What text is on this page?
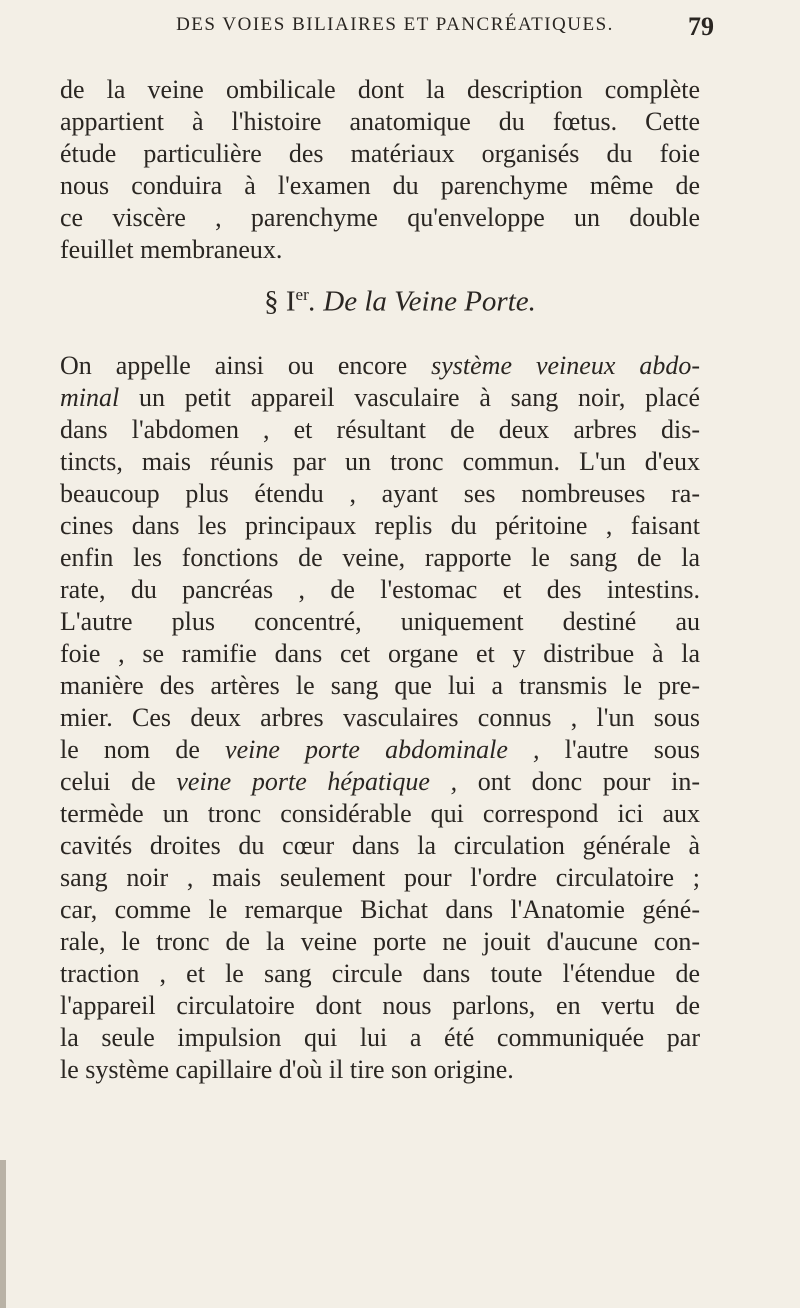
DES VOIES BILIAIRES ET PANCRÉATIQUES.	79
de la veine ombilicale dont la description complète
appartient à l'histoire anatomique du fœtus. Cette
étude particulière des matériaux organisés du foie
nous conduira à l'examen du parenchyme même de
ce viscère , parenchyme qu'enveloppe un double
feuillet membraneux.
§ Ier. De la Veine Porte.
On appelle ainsi ou encore système veineux abdo-
minal un petit appareil vasculaire à sang noir, placé
dans l'abdomen , et résultant de deux arbres dis-
tincts, mais réunis par un tronc commun. L'un d'eux
beaucoup plus étendu , ayant ses nombreuses ra-
cines dans les principaux replis du péritoine , faisant
enfin les fonctions de veine, rapporte le sang de la
rate, du pancréas , de l'estomac et des intestins.
L'autre plus concentré, uniquement destiné au
foie , se ramifie dans cet organe et y distribue à la
manière des artères le sang que lui a transmis le pre-
mier. Ces deux arbres vasculaires connus , l'un sous
le nom de veine porte abdominale , l'autre sous
celui de veine porte hépatique , ont donc pour in-
termède un tronc considérable qui correspond ici aux
cavités droites du cœur dans la circulation générale à
sang noir , mais seulement pour l'ordre circulatoire ;
car, comme le remarque Bichat dans l'Anatomie géné-
rale, le tronc de la veine porte ne jouit d'aucune con-
traction , et le sang circule dans toute l'étendue de
l'appareil circulatoire dont nous parlons, en vertu de
la seule impulsion qui lui a été communiquée par
le système capillaire d'où il tire son origine.
